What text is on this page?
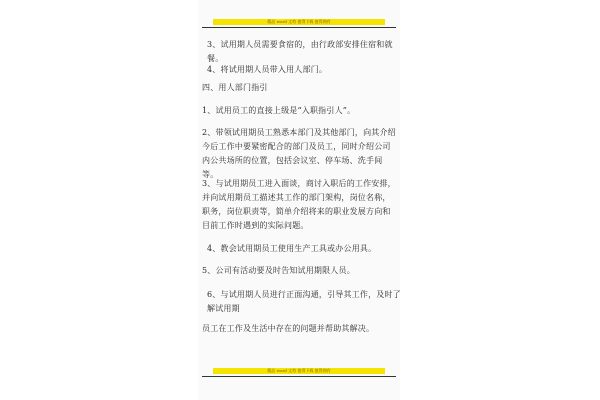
精品 word 文档 值得下载 值得拥有
3、试用期人员需要食宿的，由行政部安排住宿和就餐。
4、将试用期人员带入用人部门。
四、用人部门指引
1、试用员工的直接上级是“入职指引人”。
2、带领试用期员工熟悉本部门及其他部门，向其介绍今后工作中要紧密配合的部门及员工，同时介绍公司内公共场所的位置，包括会议室、停车场、洗手间等。
3、与试用期员工进入面谈，商讨入职后的工作安排，并向试用期员工描述其工作的部门架构，岗位名称，职务，岗位职责等，简单介绍将来的职业发展方向和目前工作时遇到的实际问题。
4、教会试用期员工使用生产工具或办公用具。
5、公司有活动要及时告知试用期限人员。
6、与试用期人员进行正面沟通，引导其工作，及时了解试用期
员工在工作及生活中存在的问题并帮助其解决。
精品 word 文档 值得下载 值得拥有
